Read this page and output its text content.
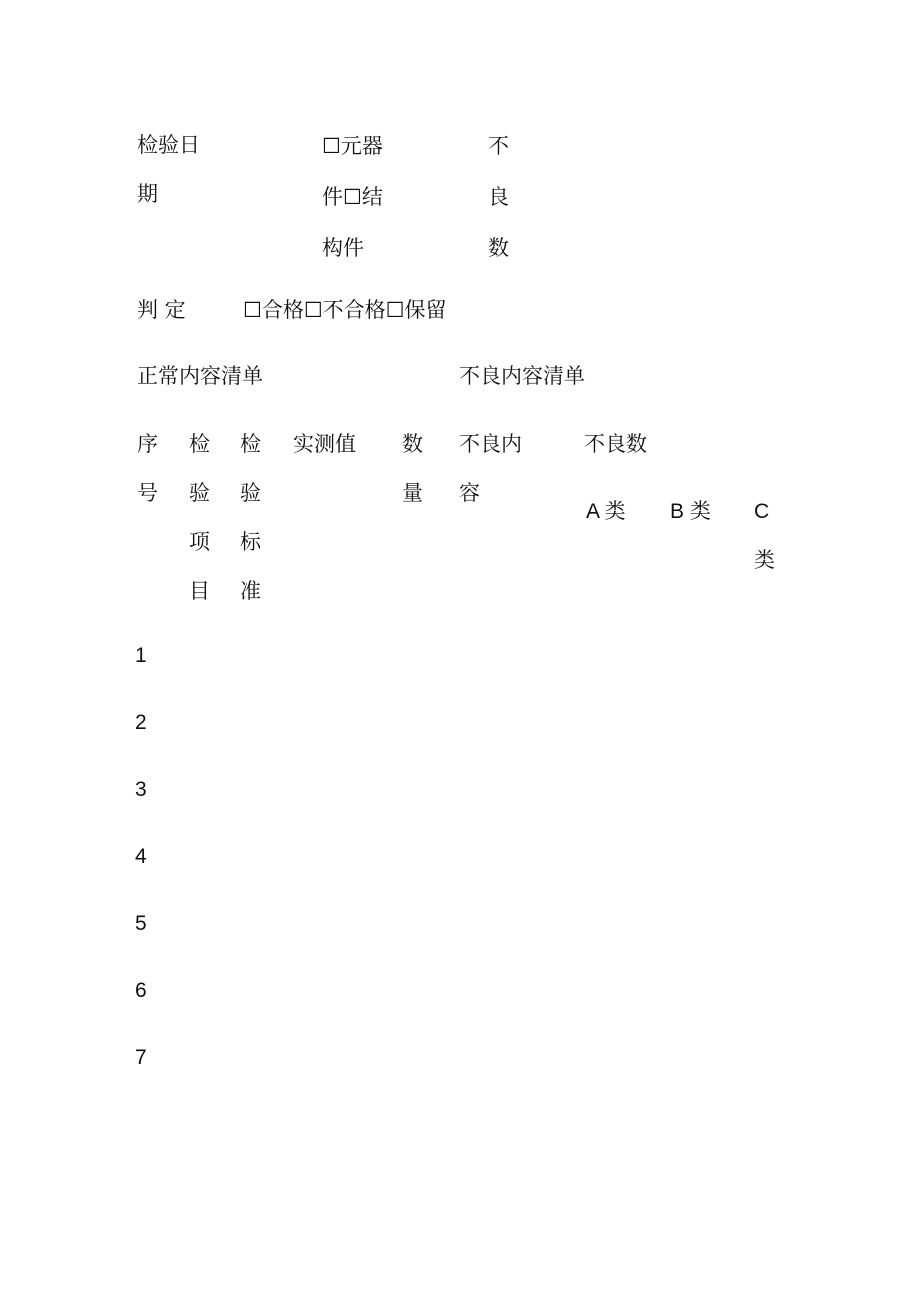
检验日
期
☐元器
件☐结
构件
不
良
数
判 定	☐合格☐不合格☐保留
正常内容清单	不良内容清单
序
号
检
验
项
目
检
验
标
准
实测值 数
量
不良内
容
不良数
A 类 B 类 C
类
1
2
3
4
5
6
7
